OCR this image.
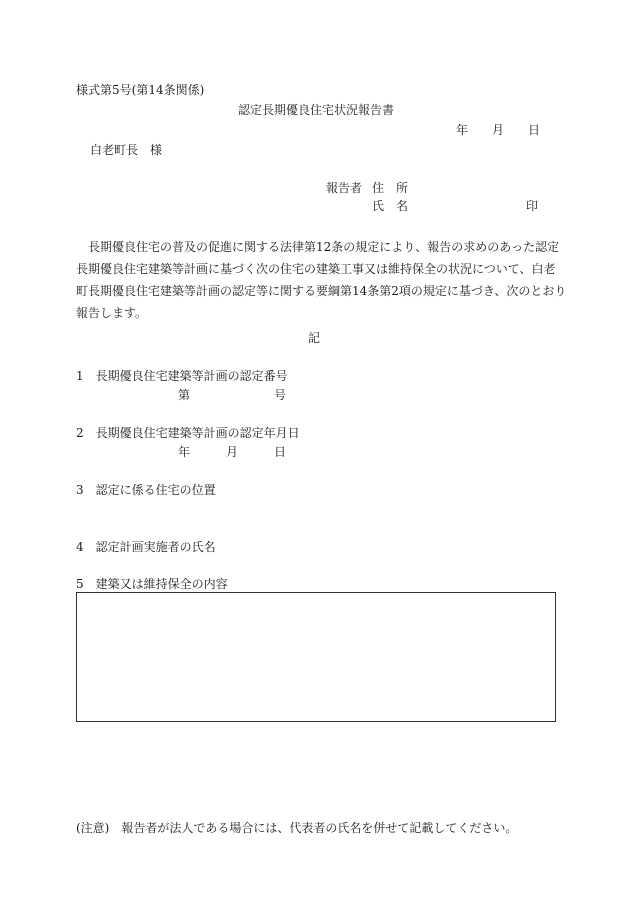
様式第5号(第14条関係)
認定長期優良住宅状況報告書
年 月 日
白老町長　様
報告者 住　所
氏　名	印

長期優良住宅の普及の促進に関する法律第12条の規定により、報告の求めのあった認定

長期優良住宅建築等計画に基づく次の住宅の建築工事又は維持保全の状況について、白老

町長期優良住宅建築等計画の認定等に関する要綱第14条第2項の規定に基づき、次のとおり

報告します。

記
1　長期優良住宅建築等計画の認定番号
第	号
2　長期優良住宅建築等計画の認定年月日
年	月	日
3　認定に係る住宅の位置
4　認定計画実施者の氏名
5　建築又は維持保全の内容
(注意)　報告者が法人である場合には、代表者の氏名を併せて記載してください。
